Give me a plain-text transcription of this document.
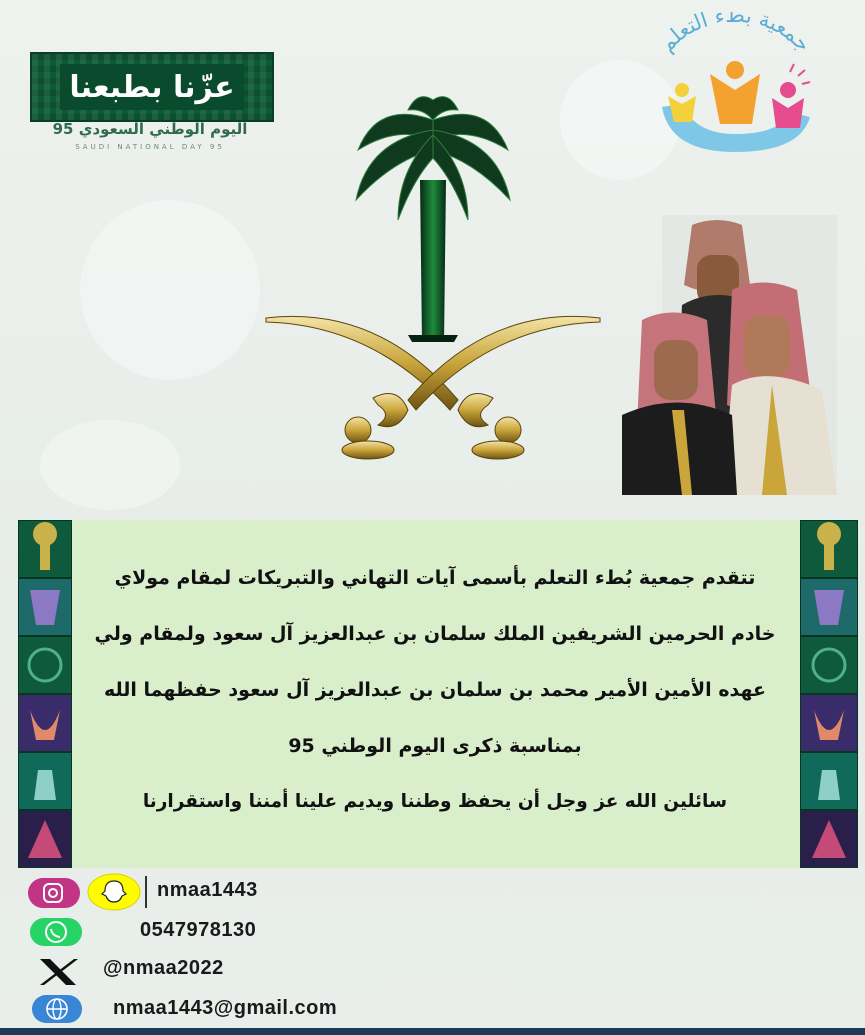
عزّنا بطبعنا
اليوم الوطني السعودي 95
SAUDI NATIONAL DAY 95
جمعية بطء التعلم

تتقدم جمعية بُطء التعلم بأسمى آيات التهاني والتبريكات لمقام مولاي

خادم الحرمين الشريفين الملك سلمان بن عبدالعزيز آل سعود ولمقام ولي

عهده الأمين الأمير محمد بن سلمان بن عبدالعزيز آل سعود حفظهما الله

بمناسبة ذكرى اليوم الوطني 95

سائلين الله عز وجل أن يحفظ وطننا ويديم علينا أمننا واستقرارنا

nmaa1443
0547978130
@nmaa2022
nmaa1443@gmail.com
